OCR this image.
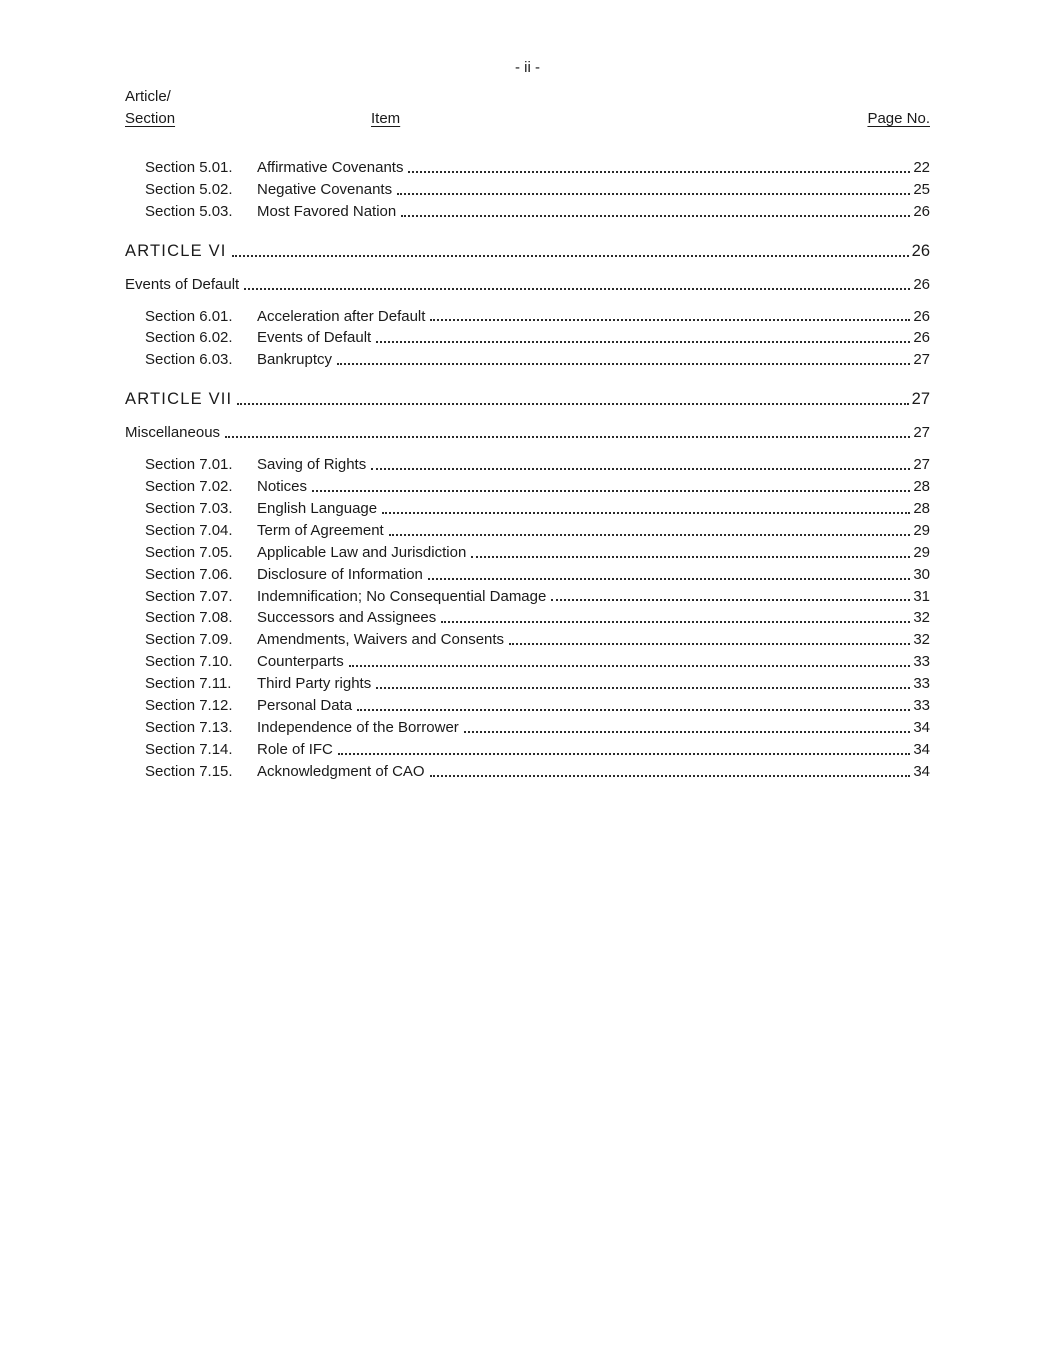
- ii -
Article/
Section	Item	Page No.
Section 5.01.	Affirmative Covenants	22
Section 5.02.	Negative Covenants	25
Section 5.03.	Most Favored Nation	26
ARTICLE VI	26
Events of Default	26
Section 6.01.	Acceleration after Default	26
Section 6.02.	Events of Default	26
Section 6.03.	Bankruptcy	27
ARTICLE VII	27
Miscellaneous	27
Section 7.01.	Saving of Rights	27
Section 7.02.	Notices	28
Section 7.03.	English Language	28
Section 7.04.	Term of Agreement	29
Section 7.05.	Applicable Law and Jurisdiction	29
Section 7.06.	Disclosure of Information	30
Section 7.07.	Indemnification; No Consequential Damage	31
Section 7.08.	Successors and Assignees	32
Section 7.09.	Amendments, Waivers and Consents	32
Section 7.10.	Counterparts	33
Section 7.11.	Third Party rights	33
Section 7.12.	Personal Data	33
Section 7.13.	Independence of the Borrower	34
Section 7.14.	Role of IFC	34
Section 7.15.	Acknowledgment of CAO	34
